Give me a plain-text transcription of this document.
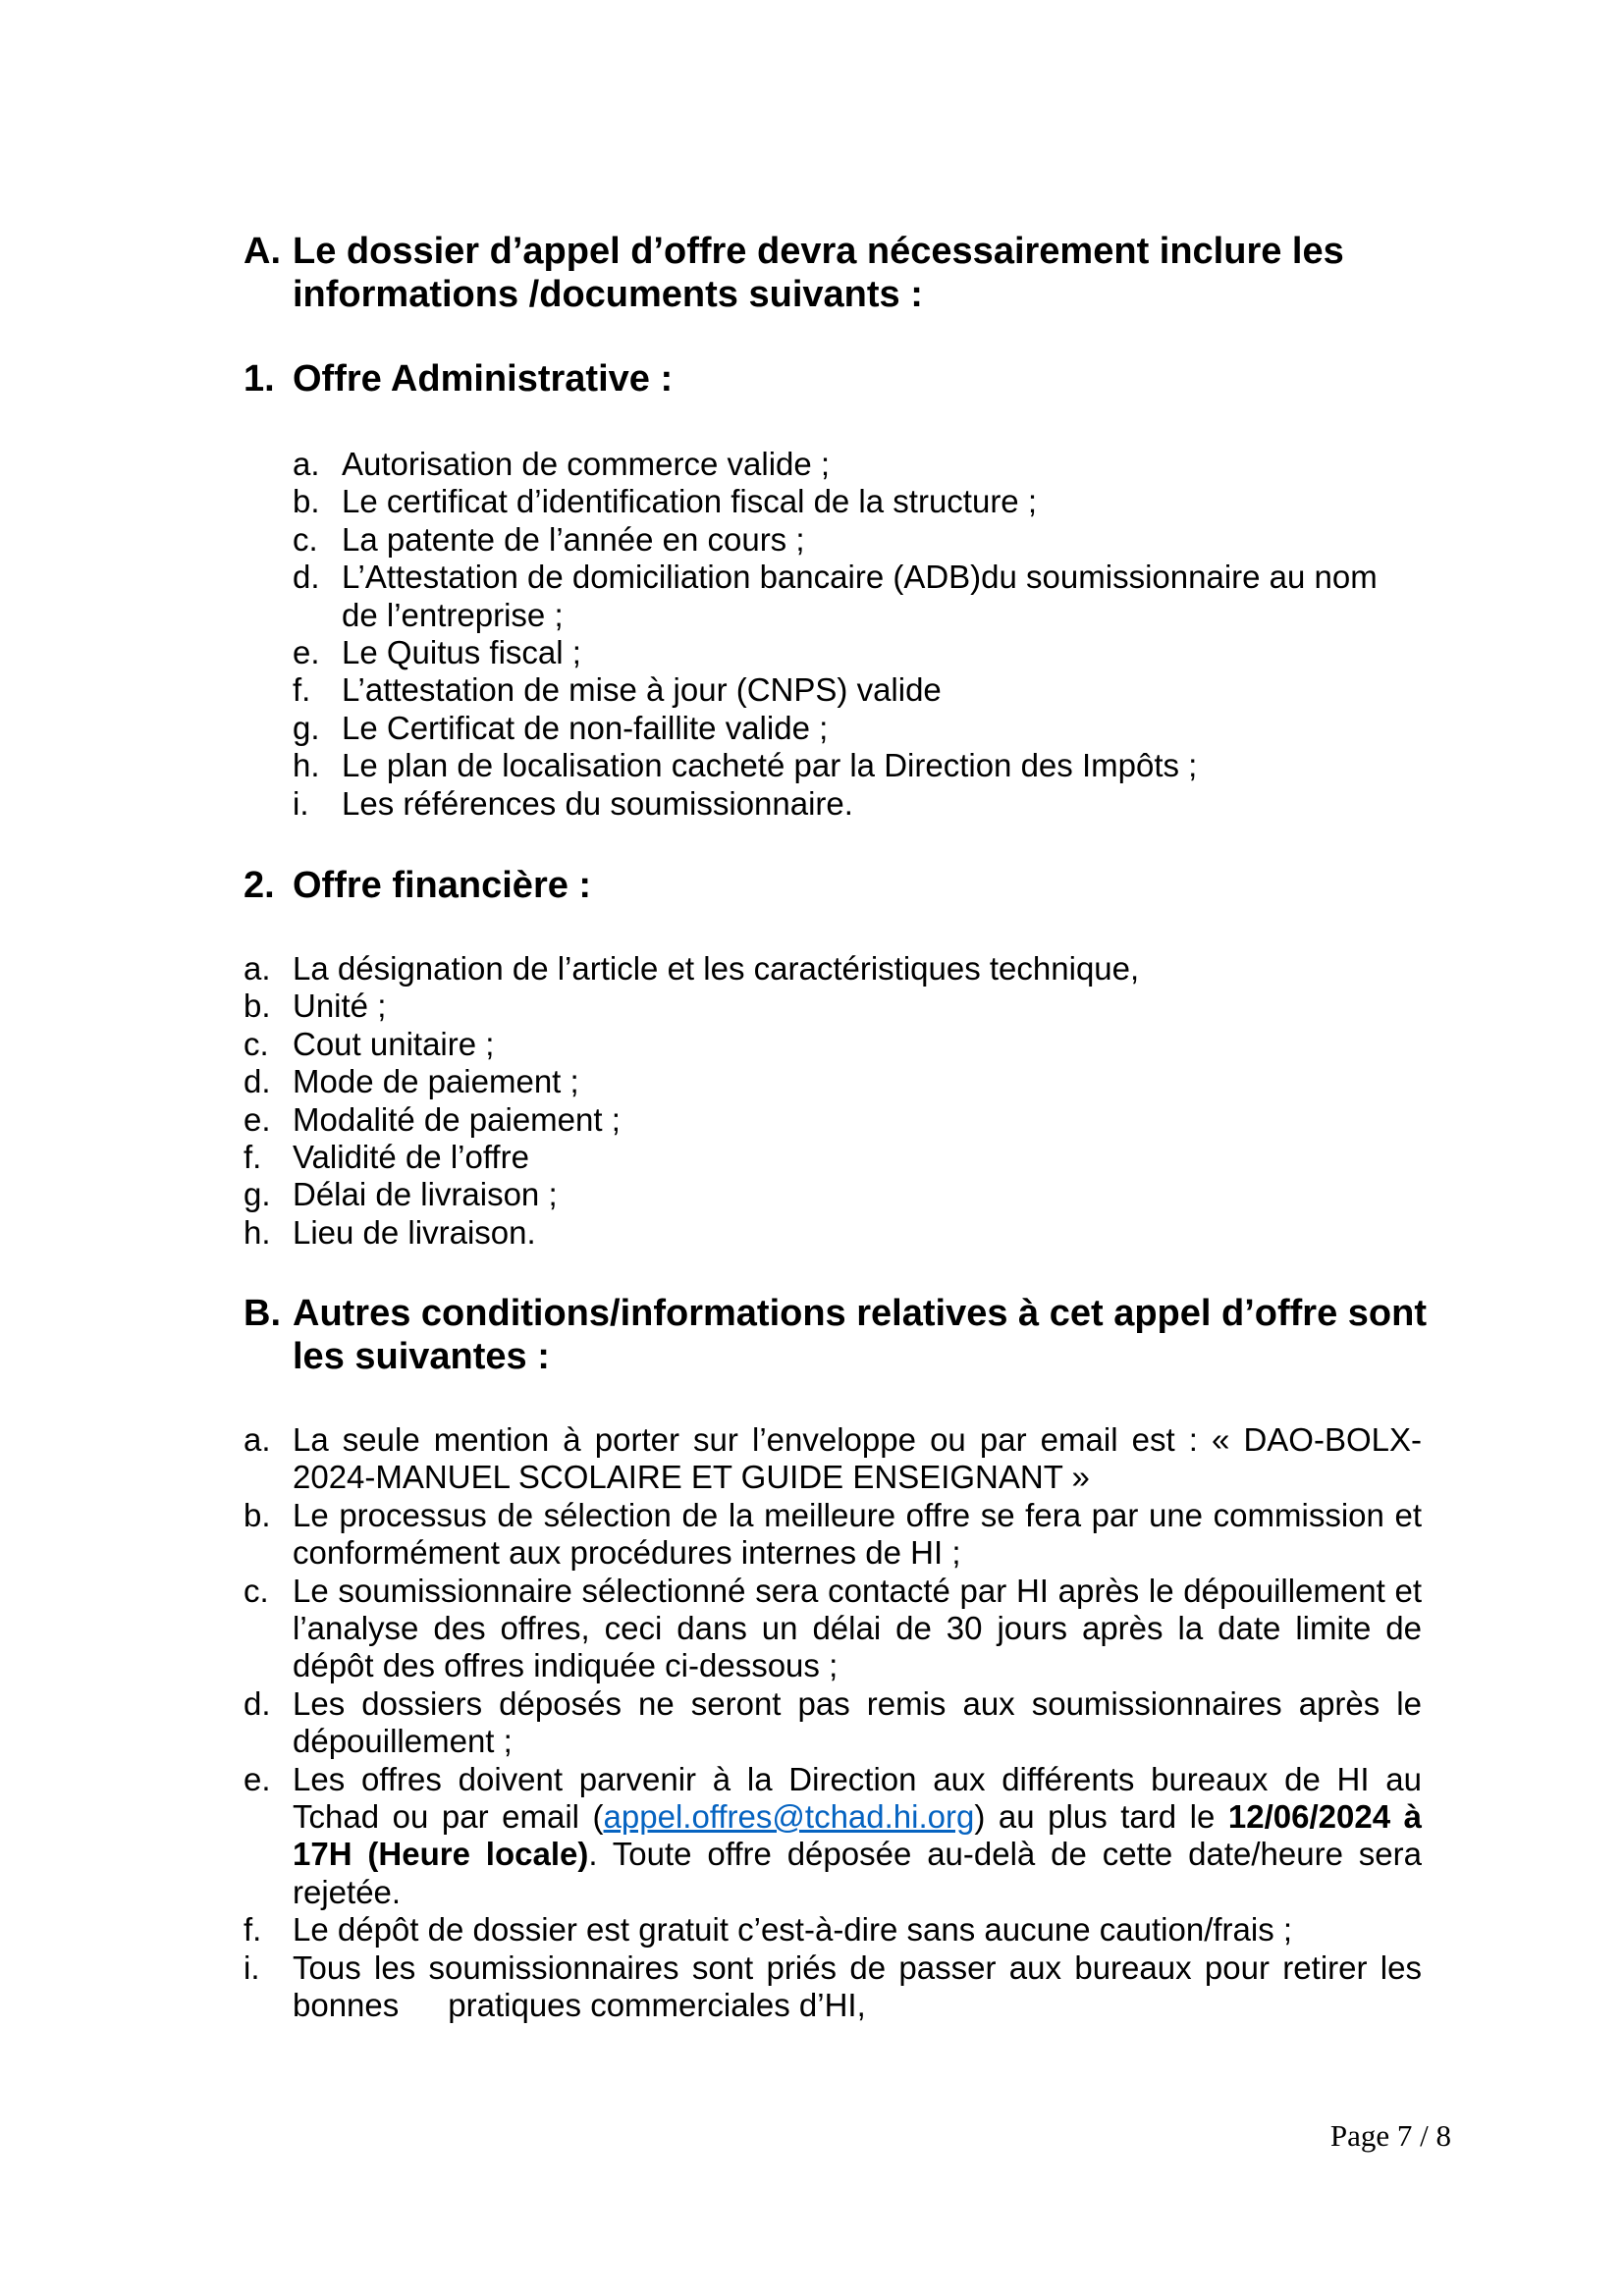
A. Le dossier d’appel d’offre devra nécessairement inclure les informations /documents suivants :
1. Offre Administrative :
a. Autorisation de commerce valide ;
b. Le certificat d’identification fiscal de la structure ;
c. La patente de l’année en cours ;
d. L’Attestation de domiciliation bancaire (ADB)du soumissionnaire au nom de l’entreprise ;
e. Le Quitus fiscal ;
f. L’attestation de mise à jour (CNPS) valide
g. Le Certificat de non-faillite valide ;
h. Le plan de localisation cacheté par la Direction des Impôts ;
i. Les références du soumissionnaire.
2. Offre financière :
a. La désignation de l’article et les caractéristiques technique,
b. Unité ;
c. Cout unitaire ;
d. Mode de paiement ;
e. Modalité de paiement ;
f. Validité de l’offre
g. Délai de livraison ;
h. Lieu de livraison.
B. Autres conditions/informations relatives à cet appel d’offre sont les suivantes :
a. La seule mention à porter sur l’enveloppe ou par email est : « DAO-BOLX-2024-MANUEL SCOLAIRE ET GUIDE ENSEIGNANT »
b. Le processus de sélection de la meilleure offre se fera par une commission et conformément aux procédures internes de HI ;
c. Le soumissionnaire sélectionné sera contacté par HI après le dépouillement et l’analyse des offres, ceci dans un délai de 30 jours après la date limite de dépôt des offres indiquée ci-dessous ;
d. Les dossiers déposés ne seront pas remis aux soumissionnaires après le dépouillement ;
e. Les offres doivent parvenir à la Direction aux différents bureaux de HI au Tchad ou par email (appel.offres@tchad.hi.org) au plus tard le 12/06/2024 à 17H (Heure locale). Toute offre déposée au-delà de cette date/heure sera rejetée.
f. Le dépôt de dossier est gratuit c’est-à-dire sans aucune caution/frais ;
i. Tous les soumissionnaires sont priés de passer aux bureaux pour retirer les bonnes pratiques commerciales d’HI,
Page 7 / 8
